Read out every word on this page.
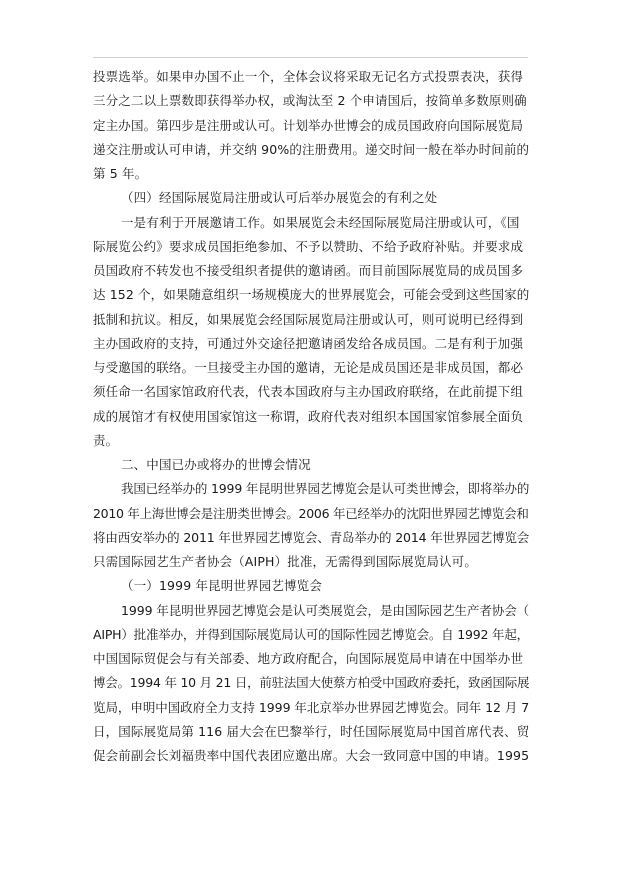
投票选举。如果申办国不止一个，全体会议将采取无记名方式投票表决，获得
三分之二以上票数即获得举办权，或淘汰至 2 个申请国后，按简单多数原则确
定主办国。第四步是注册或认可。计划举办世博会的成员国政府向国际展览局
递交注册或认可申请，并交纳 90%的注册费用。递交时间一般在举办时间前的
第 5 年。
（四）经国际展览局注册或认可后举办展览会的有利之处
一是有利于开展邀请工作。如果展览会未经国际展览局注册或认可，《国
际展览公约》要求成员国拒绝参加、不予以赞助、不给予政府补贴。并要求成
员国政府不转发也不接受组织者提供的邀请函。而目前国际展览局的成员国多
达 152 个，如果随意组织一场规模庞大的世界展览会，可能会受到这些国家的
抵制和抗议。相反，如果展览会经国际展览局注册或认可，则可说明已经得到
主办国政府的支持，可通过外交途径把邀请函发给各成员国。二是有利于加强
与受邀国的联络。一旦接受主办国的邀请，无论是成员国还是非成员国，都必
须任命一名国家馆政府代表，代表本国政府与主办国政府联络，在此前提下组
成的展馆才有权使用国家馆这一称谓，政府代表对组织本国国家馆参展全面负
责。
二、中国已办或将办的世博会情况
我国已经举办的 1999 年昆明世界园艺博览会是认可类世博会，即将举办的
2010 年上海世博会是注册类世博会。2006 年已经举办的沈阳世界园艺博览会和
将由西安举办的 2011 年世界园艺博览会、青岛举办的 2014 年世界园艺博览会
只需国际园艺生产者协会（AIPH）批准，无需得到国际展览局认可。
（一）1999 年昆明世界园艺博览会
1999 年昆明世界园艺博览会是认可类展览会，是由国际园艺生产者协会（
AIPH）批准举办，并得到国际展览局认可的国际性园艺博览会。自 1992 年起，
中国国际贸促会与有关部委、地方政府配合，向国际展览局申请在中国举办世
博会。1994 年 10 月 21 日，前驻法国大使蔡方柏受中国政府委托，致函国际展
览局，申明中国政府全力支持 1999 年北京举办世界园艺博览会。同年 12 月 7
日，国际展览局第 116 届大会在巴黎举行，时任国际展览局中国首席代表、贸
促会前副会长刘福贵率中国代表团应邀出席。大会一致同意中国的申请。1995
